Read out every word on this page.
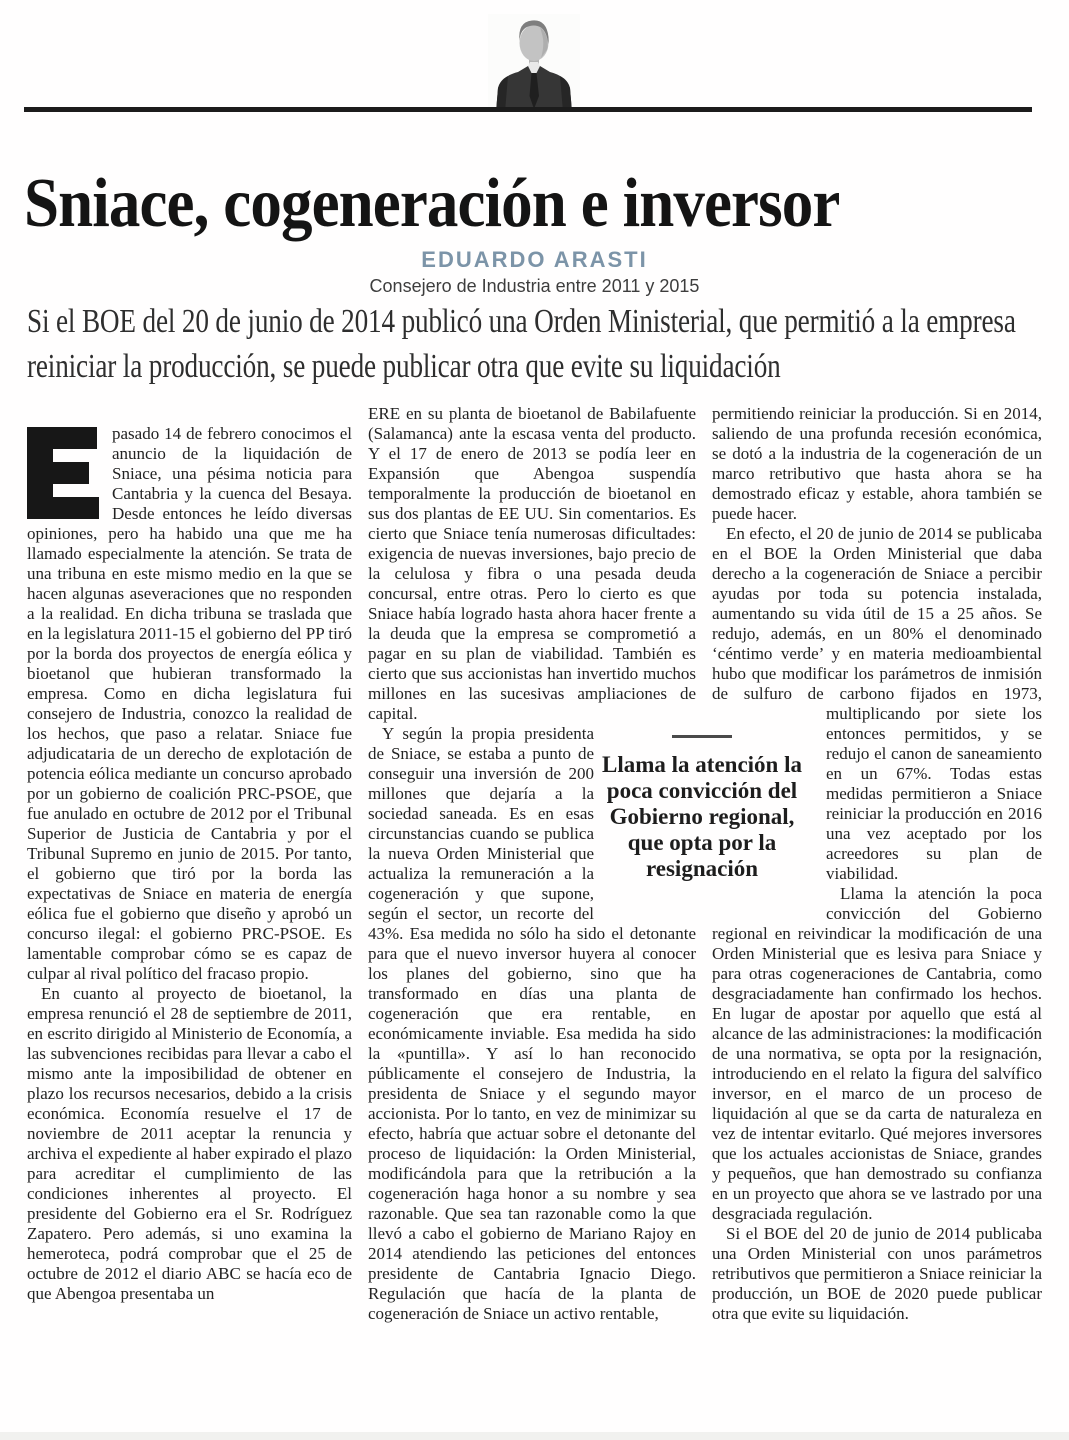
Sniace, cogeneración e inversor
EDUARDO ARASTI
Consejero de Industria entre 2011 y 2015
Si el BOE del 20 de junio de 2014 publicó una Orden Ministerial, que permitió a la empresa reiniciar la producción, se puede publicar otra que evite su liquidación

pasado 14 de febrero conocimos el anuncio de la liquidación de Sniace, una pésima noticia para Cantabria y la cuenca del Besaya. Desde entonces he leído diversas opiniones, pero ha habido una que me ha llamado especialmente la atención. Se trata de una tribuna en este mismo medio en la que se hacen algunas aseveraciones que no responden a la realidad. En dicha tribuna se traslada que en la legislatura 2011-15 el gobierno del PP tiró por la borda dos proyectos de energía eólica y bioetanol que hubieran transformado la empresa. Como en dicha legislatura fui consejero de Industria, conozco la realidad de los hechos, que paso a relatar. Sniace fue adjudicataria de un derecho de explotación de potencia eólica mediante un concurso aprobado por un gobierno de coalición PRC-PSOE, que fue anulado en octubre de 2012 por el Tribunal Superior de Justicia de Cantabria y por el Tribunal Supremo en junio de 2015. Por tanto, el gobierno que tiró por la borda las expectativas de Sniace en materia de energía eólica fue el gobierno que diseño y aprobó un concurso ilegal: el gobierno PRC-PSOE. Es lamentable comprobar cómo se es capaz de culpar al rival político del fracaso propio.

En cuanto al proyecto de bioetanol, la empresa renunció el 28 de septiembre de 2011, en escrito dirigido al Ministerio de Economía, a las subvenciones recibidas para llevar a cabo el mismo ante la imposibilidad de obtener en plazo los recursos necesarios, debido a la crisis económica. Economía resuelve el 17 de noviembre de 2011 aceptar la renuncia y archiva el expediente al haber expirado el plazo para acreditar el cumplimiento de las condiciones inherentes al proyecto. El presidente del Gobierno era el Sr. Rodríguez Zapatero. Pero además, si uno examina la hemeroteca, podrá comprobar que el 25 de octubre de 2012 el diario ABC se hacía eco de que Abengoa presentaba un

ERE en su planta de bioetanol de Babilafuente (Salamanca) ante la escasa venta del producto. Y el 17 de enero de 2013 se podía leer en Expansión que Abengoa suspendía temporalmente la producción de bioetanol en sus dos plantas de EE UU. Sin comentarios. Es cierto que Sniace tenía numerosas dificultades: exigencia de nuevas inversiones, bajo precio de la celulosa y fibra o una pesada deuda concursal, entre otras. Pero lo cierto es que Sniace había logrado hasta ahora hacer frente a la deuda que la empresa se comprometió a pagar en su plan de viabilidad. También es cierto que sus accionistas han invertido muchos millones en las sucesivas ampliaciones de capital.

Y según la propia presidenta de Sniace, se estaba a punto de conseguir una inversión de 200 millones que dejaría a la sociedad saneada. Es en esas circunstancias cuando se publica la nueva Orden Ministerial que actualiza la remuneración a la cogeneración y que supone, según el sector, un recorte del 43%. Esa medida no sólo ha sido el detonante para que el nuevo inversor huyera al conocer los planes del gobierno, sino que ha transformado en días una planta de cogeneración que era rentable, en económicamente inviable. Esa medida ha sido la «puntilla». Y así lo han reconocido públicamente el consejero de Industria, la presidenta de Sniace y el segundo mayor accionista. Por lo tanto, en vez de minimizar su efecto, habría que actuar sobre el detonante del proceso de liquidación: la Orden Ministerial, modificándola para que la retribución a la cogeneración haga honor a su nombre y sea razonable. Que sea tan razonable como la que llevó a cabo el gobierno de Mariano Rajoy en 2014 atendiendo las peticiones del entonces presidente de Cantabria Ignacio Diego. Regulación que hacía de la planta de cogeneración de Sniace un activo rentable,

permitiendo reiniciar la producción. Si en 2014, saliendo de una profunda recesión económica, se dotó a la industria de la cogeneración de un marco retributivo que hasta ahora se ha demostrado eficaz y estable, ahora también se puede hacer.

En efecto, el 20 de junio de 2014 se publicaba en el BOE la Orden Ministerial que daba derecho a la cogeneración de Sniace a percibir ayudas por toda su potencia instalada, aumentando su vida útil de 15 a 25 años. Se redujo, además, en un 80% el denominado ‘céntimo verde’ y en materia medioambiental hubo que modificar los parámetros de inmisión de sulfuro de carbono fijados en 1973, multiplicando
por siete los entonces permitidos, y se redujo el canon de saneamiento en un 67%. Todas estas medidas permitieron a Sniace reiniciar la producción en 2016 una vez aceptado por los acreedores su plan de viabilidad.

Llama la atención la poca convicción del Gobierno regional en reivindicar la modificación de una Orden Ministerial que es lesiva para Sniace y para otras cogeneraciones de Cantabria, como desgraciadamente han confirmado los hechos. En lugar de apostar por aquello que está al alcance de las administraciones: la modificación de una normativa, se opta por la resignación, introduciendo en el relato la figura del salvífico inversor, en el marco de un proceso de liquidación al que se da carta de naturaleza en vez de intentar evitarlo. Qué mejores inversores que los actuales accionistas de Sniace, grandes y pequeños, que han demostrado su confianza en un proyecto que ahora se ve lastrado por una desgraciada regulación.

Si el BOE del 20 de junio de 2014 publicaba una Orden Ministerial con unos parámetros retributivos que permitieron a Sniace reiniciar la producción, un BOE de 2020 puede publicar otra que evite su liquidación.

Llama la atención la poca convicción del Gobierno regional, que opta por la resignación
